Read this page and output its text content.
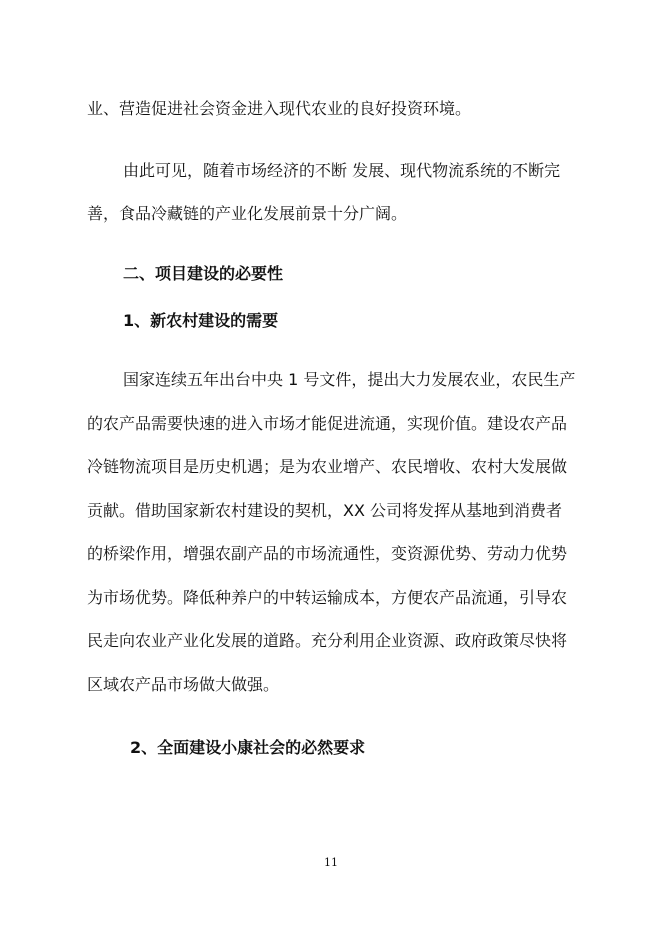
业、营造促进社会资金进入现代农业的良好投资环境。
由此可见，随着市场经济的不断 发展、现代物流系统的不断完
善，食品冷藏链的产业化发展前景十分广阔。
二、项目建设的必要性
1、新农村建设的需要
国家连续五年出台中央 1 号文件，提出大力发展农业，农民生产
的农产品需要快速的进入市场才能促进流通，实现价值。建设农产品
冷链物流项目是历史机遇；是为农业增产、农民增收、农村大发展做
贡献。借助国家新农村建设的契机，XX 公司将发挥从基地到消费者
的桥梁作用，增强农副产品的市场流通性，变资源优势、劳动力优势
为市场优势。降低种养户的中转运输成本，方便农产品流通，引导农
民走向农业产业化发展的道路。充分利用企业资源、政府政策尽快将
区域农产品市场做大做强。
2、全面建设小康社会的必然要求
11
